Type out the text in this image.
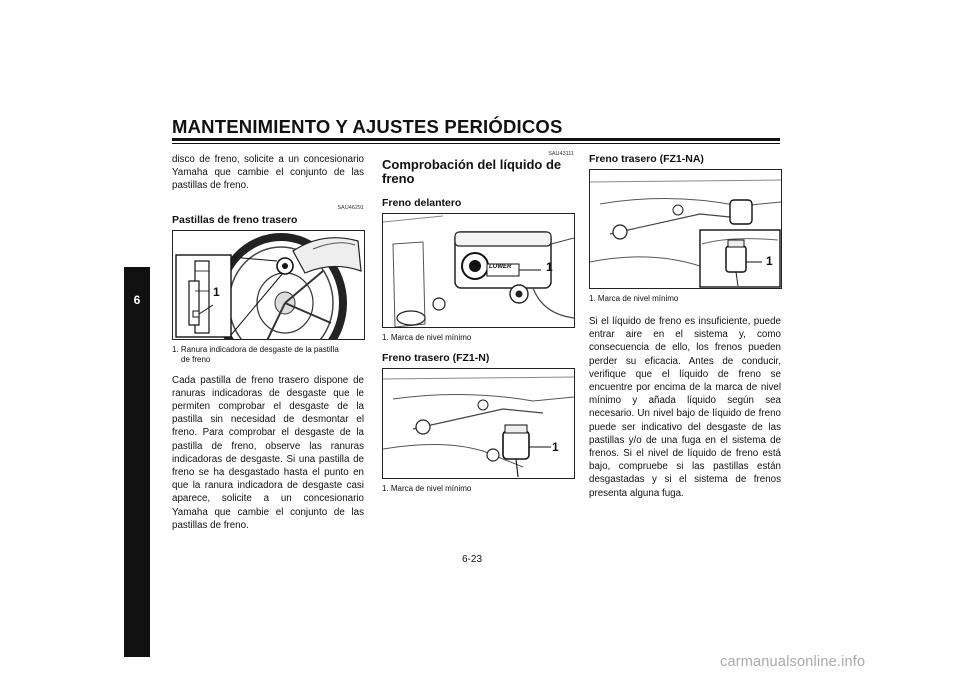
MANTENIMIENTO Y AJUSTES PERIÓDICOS
6

disco de freno, solicite a un concesionario Yamaha que cambie el conjunto de las pastillas de freno.

SAU46291

Pastillas de freno trasero

1

1. Ranura indicadora de desgaste de la pastilla
de freno

Cada pastilla de freno trasero dispone de ranuras indicadoras de desgaste que le permiten comprobar el desgaste de la pastilla sin necesidad de desmontar el freno. Para comprobar el desgaste de la pastilla de freno, observe las ranuras indicadoras de desgaste. Si una pastilla de freno se ha desgastado hasta el punto en que la ranura indicadora de desgaste casi aparece, solicite a un concesionario Yamaha que cambie el conjunto de las pastillas de freno.

SAU43111

Comprobación del líquido de freno

Freno delantero

LOWER	1

1. Marca de nivel mínimo

Freno trasero (FZ1-N)

1

1. Marca de nivel mínimo

Freno trasero (FZ1-NA)

1

1. Marca de nivel mínimo

Si el líquido de freno es insuficiente, puede entrar aire en el sistema y, como consecuencia de ello, los frenos pueden perder su eficacia. Antes de conducir, verifique que el líquido de freno se encuentre por encima de la marca de nivel mínimo y añada líquido según sea necesario. Un nivel bajo de líquido de freno puede ser indicativo del desgaste de las pastillas y/o de una fuga en el sistema de frenos. Si el nivel de líquido de freno está bajo, compruebe si las pastillas están desgastadas y si el sistema de frenos presenta alguna fuga.

6-23
carmanualsonline.info
